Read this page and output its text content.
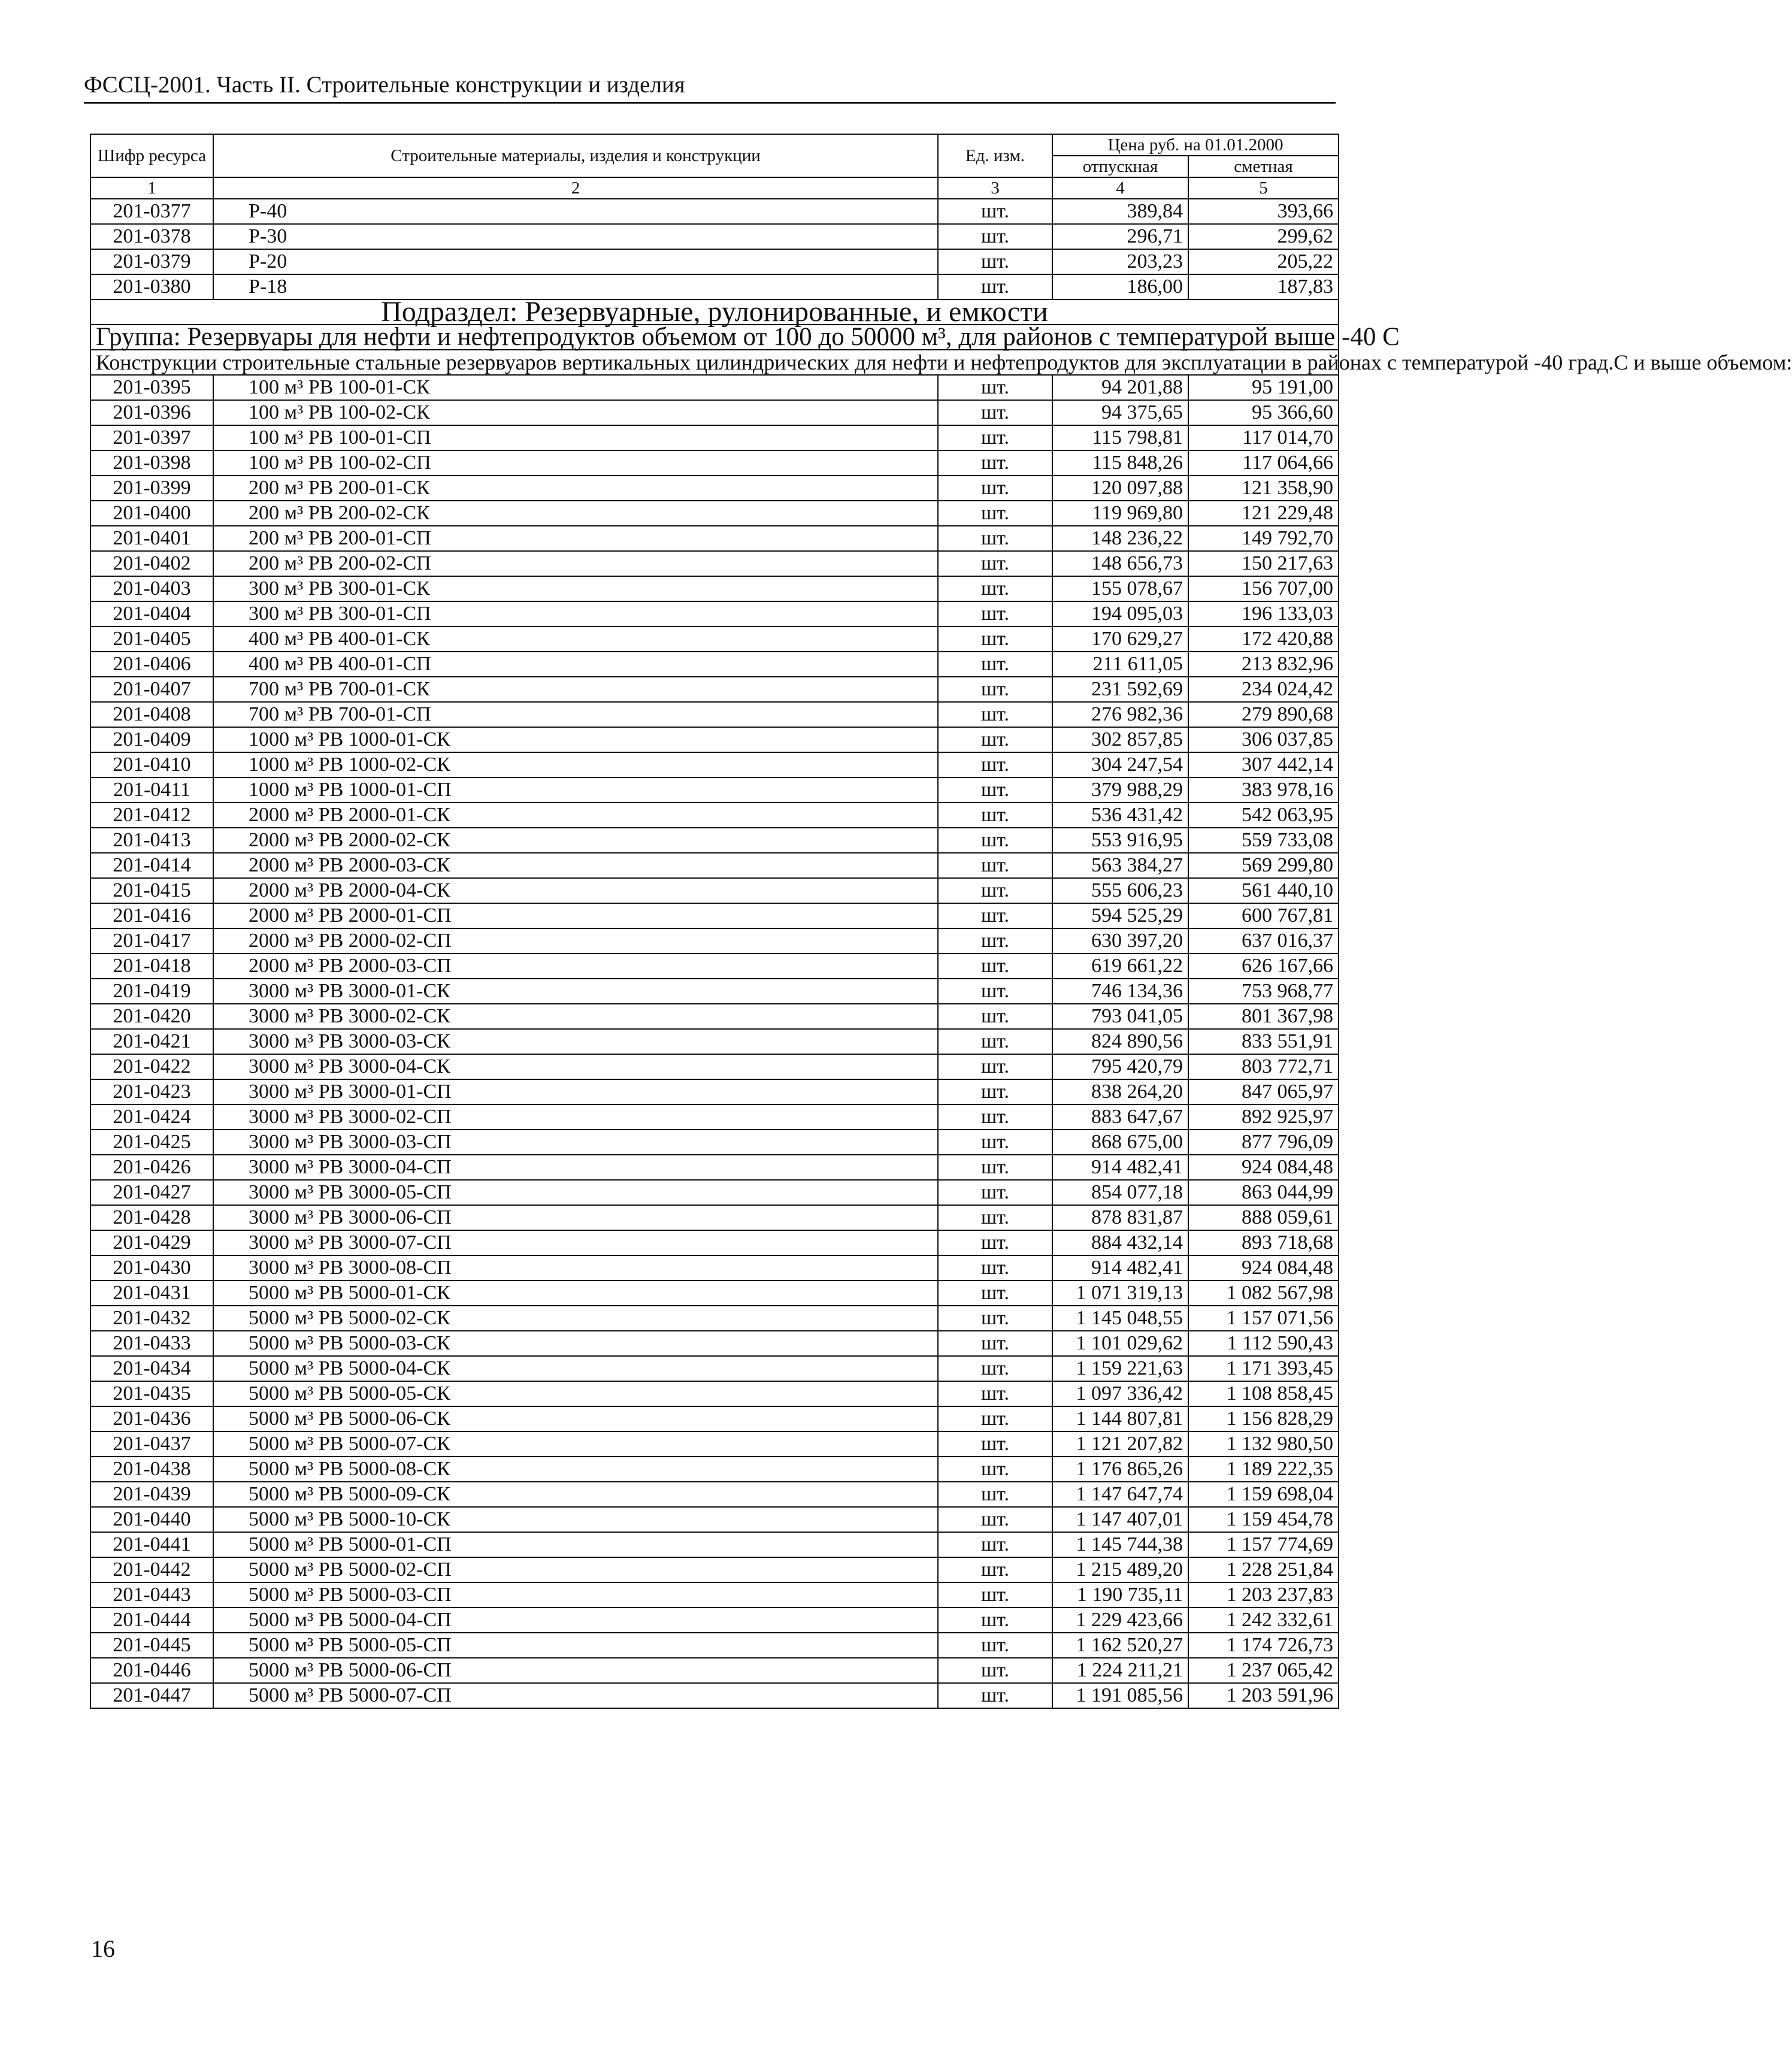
ФССЦ-2001. Часть II. Строительные конструкции и изделия
Шифр ресурса	Строительные материалы, изделия и конструкции	Ед. изм.	Цена руб. на 01.01.2000	
			отпускная	сметная
1	2	3	4	5
201-0377	Р-40	шт.	389,84	393,66
201-0378	Р-30	шт.	296,71	299,62
201-0379	Р-20	шт.	203,23	205,22
201-0380	Р-18	шт.	186,00	187,83
Подраздел: Резервуарные, рулонированные, и емкости				
Группа: Резервуары для нефти и нефтепродуктов объемом от 100 до 50000 м³, для районов с температурой выше -40 С				
Конструкции строительные стальные резервуаров вертикальных цилиндрических для нефти и нефтепродуктов для эксплуатации в районах с температурой -40 град.С и выше объемом:				
201-0395	100 м³ РВ 100-01-СК	шт.	94 201,88	95 191,00
201-0396	100 м³ РВ 100-02-СК	шт.	94 375,65	95 366,60
201-0397	100 м³ РВ 100-01-СП	шт.	115 798,81	117 014,70
201-0398	100 м³ РВ 100-02-СП	шт.	115 848,26	117 064,66
201-0399	200 м³ РВ 200-01-СК	шт.	120 097,88	121 358,90
201-0400	200 м³ РВ 200-02-СК	шт.	119 969,80	121 229,48
201-0401	200 м³ РВ 200-01-СП	шт.	148 236,22	149 792,70
201-0402	200 м³ РВ 200-02-СП	шт.	148 656,73	150 217,63
201-0403	300 м³ РВ 300-01-СК	шт.	155 078,67	156 707,00
201-0404	300 м³ РВ 300-01-СП	шт.	194 095,03	196 133,03
201-0405	400 м³ РВ 400-01-СК	шт.	170 629,27	172 420,88
201-0406	400 м³ РВ 400-01-СП	шт.	211 611,05	213 832,96
201-0407	700 м³ РВ 700-01-СК	шт.	231 592,69	234 024,42
201-0408	700 м³ РВ 700-01-СП	шт.	276 982,36	279 890,68
201-0409	1000 м³ РВ 1000-01-СК	шт.	302 857,85	306 037,85
201-0410	1000 м³ РВ 1000-02-СК	шт.	304 247,54	307 442,14
201-0411	1000 м³ РВ 1000-01-СП	шт.	379 988,29	383 978,16
201-0412	2000 м³ РВ 2000-01-СК	шт.	536 431,42	542 063,95
201-0413	2000 м³ РВ 2000-02-СК	шт.	553 916,95	559 733,08
201-0414	2000 м³ РВ 2000-03-СК	шт.	563 384,27	569 299,80
201-0415	2000 м³ РВ 2000-04-СК	шт.	555 606,23	561 440,10
201-0416	2000 м³ РВ 2000-01-СП	шт.	594 525,29	600 767,81
201-0417	2000 м³ РВ 2000-02-СП	шт.	630 397,20	637 016,37
201-0418	2000 м³ РВ 2000-03-СП	шт.	619 661,22	626 167,66
201-0419	3000 м³ РВ 3000-01-СК	шт.	746 134,36	753 968,77
201-0420	3000 м³ РВ 3000-02-СК	шт.	793 041,05	801 367,98
201-0421	3000 м³ РВ 3000-03-СК	шт.	824 890,56	833 551,91
201-0422	3000 м³ РВ 3000-04-СК	шт.	795 420,79	803 772,71
201-0423	3000 м³ РВ 3000-01-СП	шт.	838 264,20	847 065,97
201-0424	3000 м³ РВ 3000-02-СП	шт.	883 647,67	892 925,97
201-0425	3000 м³ РВ 3000-03-СП	шт.	868 675,00	877 796,09
201-0426	3000 м³ РВ 3000-04-СП	шт.	914 482,41	924 084,48
201-0427	3000 м³ РВ 3000-05-СП	шт.	854 077,18	863 044,99
201-0428	3000 м³ РВ 3000-06-СП	шт.	878 831,87	888 059,61
201-0429	3000 м³ РВ 3000-07-СП	шт.	884 432,14	893 718,68
201-0430	3000 м³ РВ 3000-08-СП	шт.	914 482,41	924 084,48
201-0431	5000 м³ РВ 5000-01-СК	шт.	1 071 319,13	1 082 567,98
201-0432	5000 м³ РВ 5000-02-СК	шт.	1 145 048,55	1 157 071,56
201-0433	5000 м³ РВ 5000-03-СК	шт.	1 101 029,62	1 112 590,43
201-0434	5000 м³ РВ 5000-04-СК	шт.	1 159 221,63	1 171 393,45
201-0435	5000 м³ РВ 5000-05-СК	шт.	1 097 336,42	1 108 858,45
201-0436	5000 м³ РВ 5000-06-СК	шт.	1 144 807,81	1 156 828,29
201-0437	5000 м³ РВ 5000-07-СК	шт.	1 121 207,82	1 132 980,50
201-0438	5000 м³ РВ 5000-08-СК	шт.	1 176 865,26	1 189 222,35
201-0439	5000 м³ РВ 5000-09-СК	шт.	1 147 647,74	1 159 698,04
201-0440	5000 м³ РВ 5000-10-СК	шт.	1 147 407,01	1 159 454,78
201-0441	5000 м³ РВ 5000-01-СП	шт.	1 145 744,38	1 157 774,69
201-0442	5000 м³ РВ 5000-02-СП	шт.	1 215 489,20	1 228 251,84
201-0443	5000 м³ РВ 5000-03-СП	шт.	1 190 735,11	1 203 237,83
201-0444	5000 м³ РВ 5000-04-СП	шт.	1 229 423,66	1 242 332,61
201-0445	5000 м³ РВ 5000-05-СП	шт.	1 162 520,27	1 174 726,73
201-0446	5000 м³ РВ 5000-06-СП	шт.	1 224 211,21	1 237 065,42
201-0447	5000 м³ РВ 5000-07-СП	шт.	1 191 085,56	1 203 591,96
16
